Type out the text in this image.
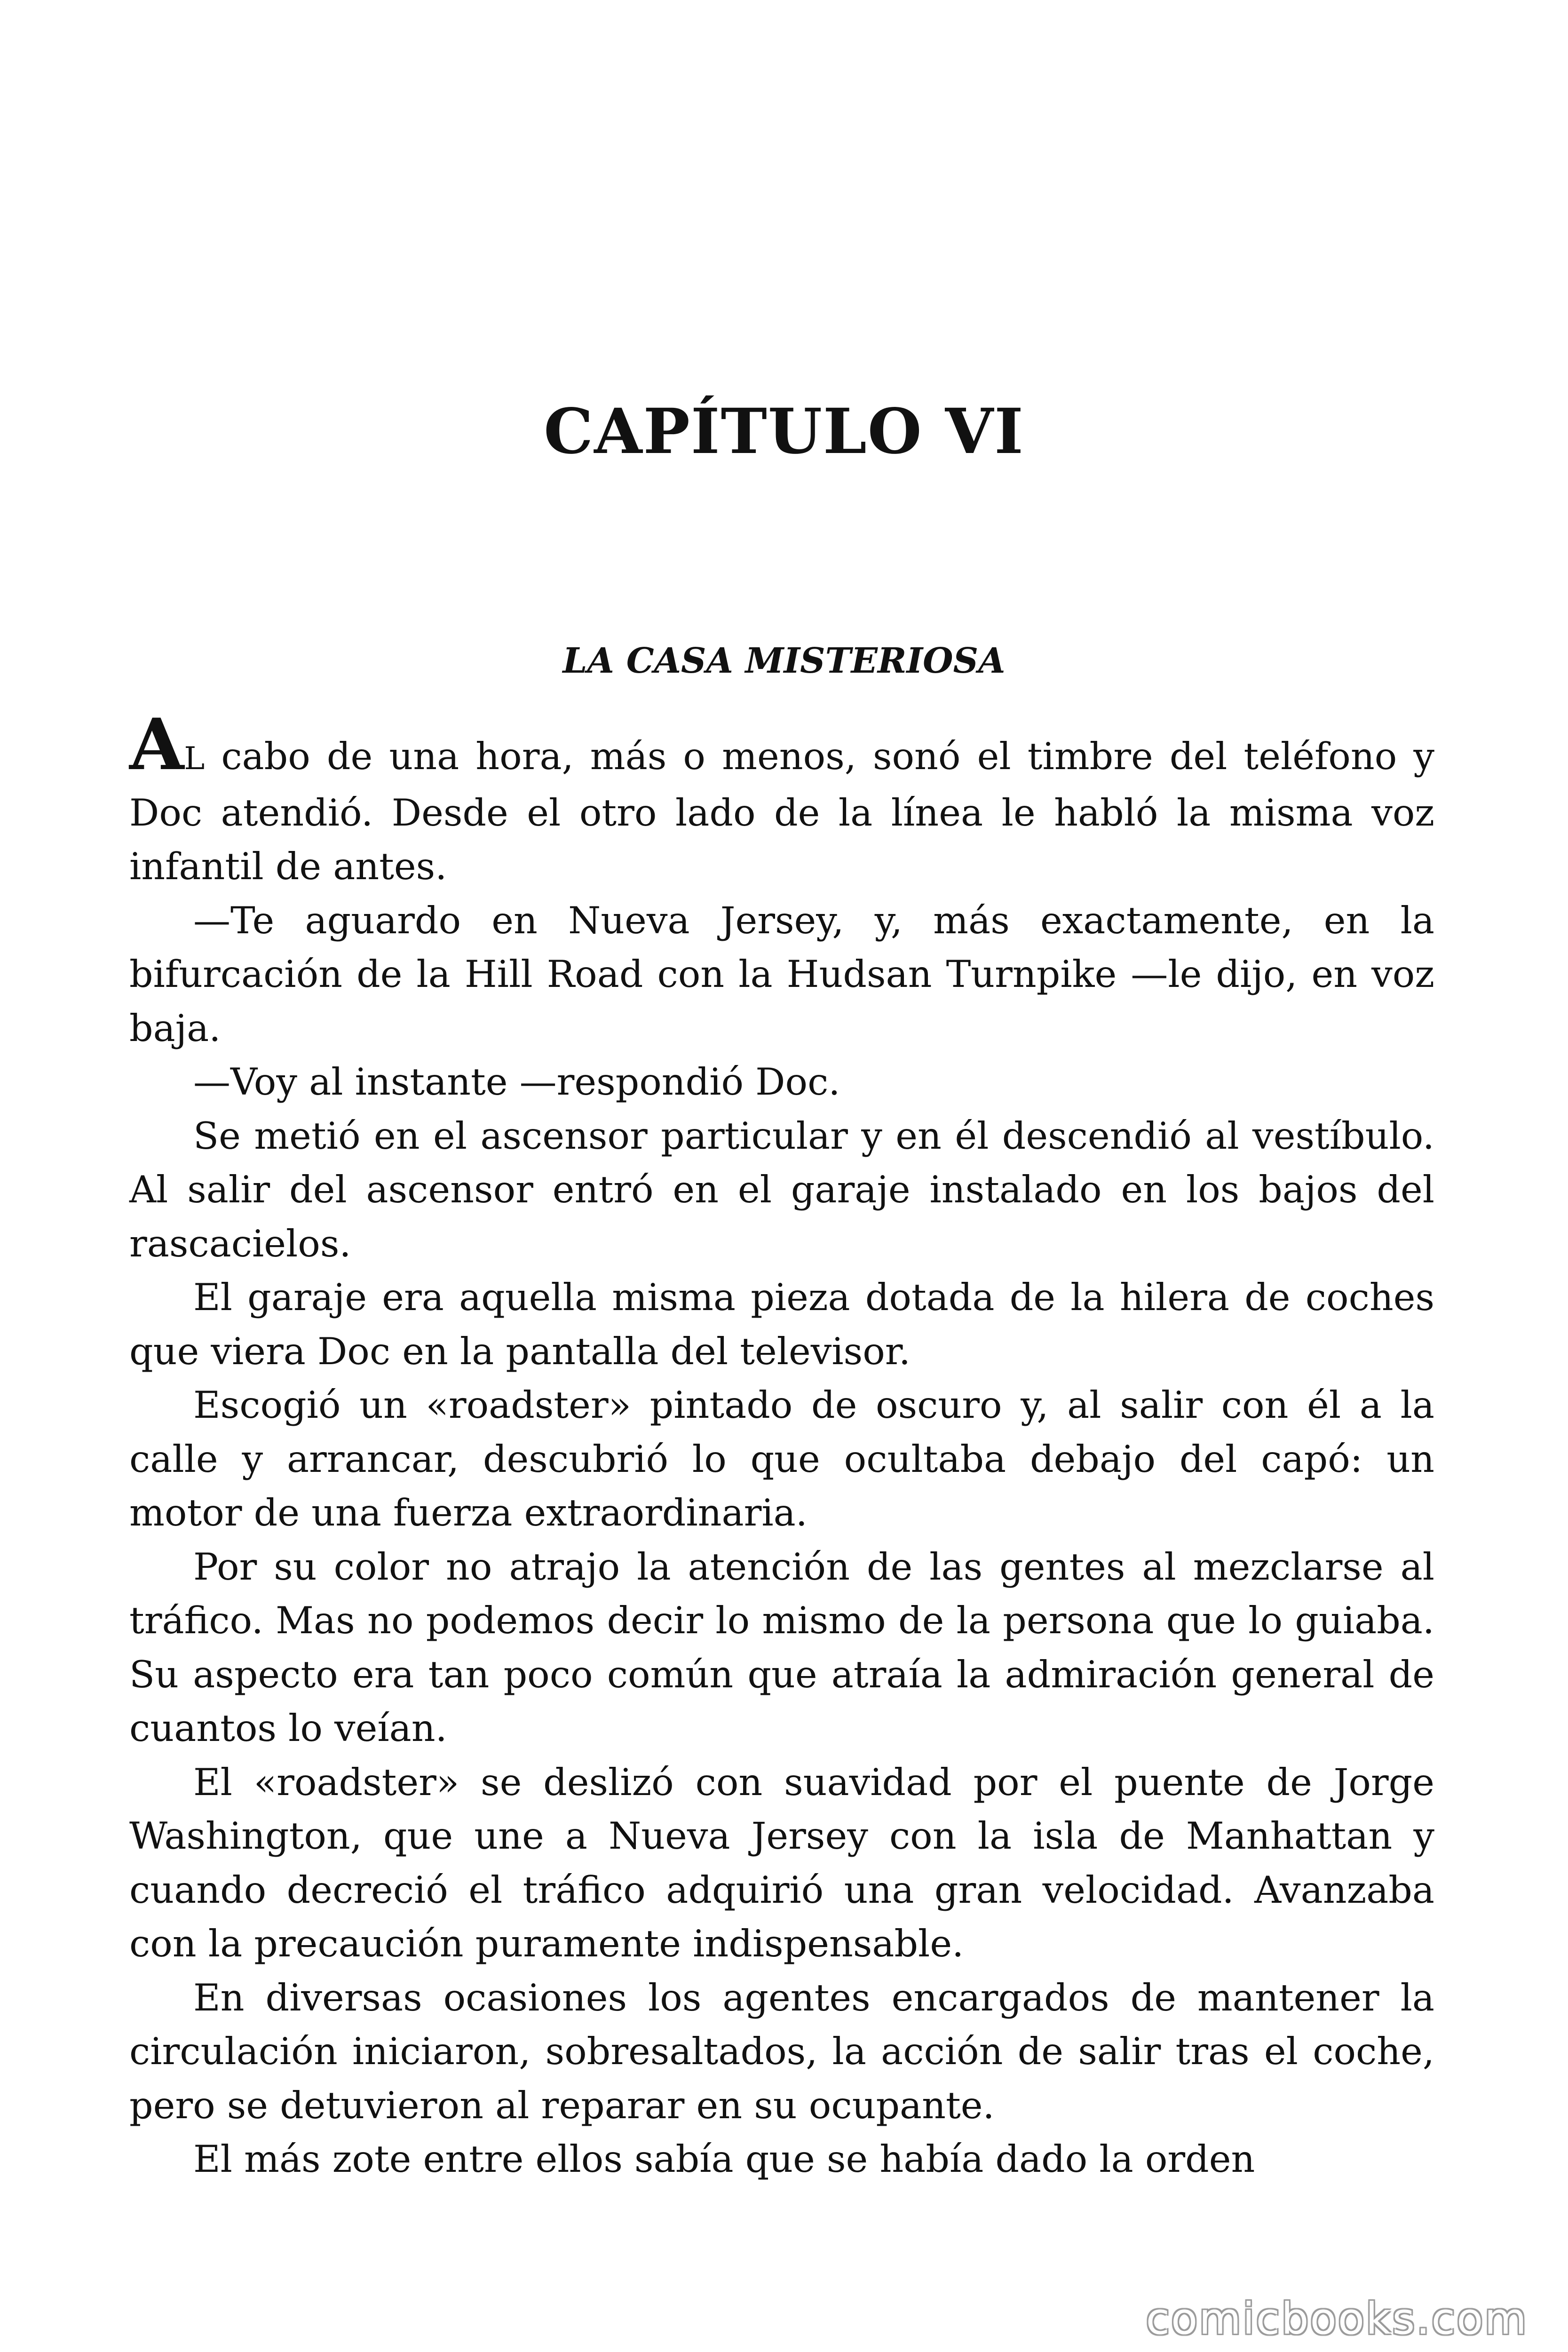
CAPÍTULO VI
LA CASA MISTERIOSA

AL cabo de una hora, más o menos, sonó el timbre del teléfono y Doc atendió. Desde el otro lado de la línea le habló la misma voz infantil de antes.

—Te aguardo en Nueva Jersey, y, más exactamente, en la bifurcación de la Hill Road con la Hudsan Turnpike —le dijo, en voz baja.

—Voy al instante —respondió Doc.

Se metió en el ascensor particular y en él descendió al vestíbulo. Al salir del ascensor entró en el garaje instalado en los bajos del rascacielos.

El garaje era aquella misma pieza dotada de la hilera de coches que viera Doc en la pantalla del televisor.

Escogió un «roadster» pintado de oscuro y, al salir con él a la calle y arrancar, descubrió lo que ocultaba debajo del capó: un motor de una fuerza extraordinaria.

Por su color no atrajo la atención de las gentes al mezclarse al tráfico. Mas no podemos decir lo mismo de la persona que lo guiaba. Su aspecto era tan poco común que atraía la admiración general de cuantos lo veían.

El «roadster» se deslizó con suavidad por el puente de Jorge Washington, que une a Nueva Jersey con la isla de Manhattan y cuando decreció el tráfico adquirió una gran velocidad. Avanzaba con la precaución puramente indispensable.

En diversas ocasiones los agentes encargados de mantener la circulación iniciaron, sobresaltados, la acción de salir tras el coche, pero se detuvieron al reparar en su ocupante.

El más zote entre ellos sabía que se había dado la orden

comicbooks.com
